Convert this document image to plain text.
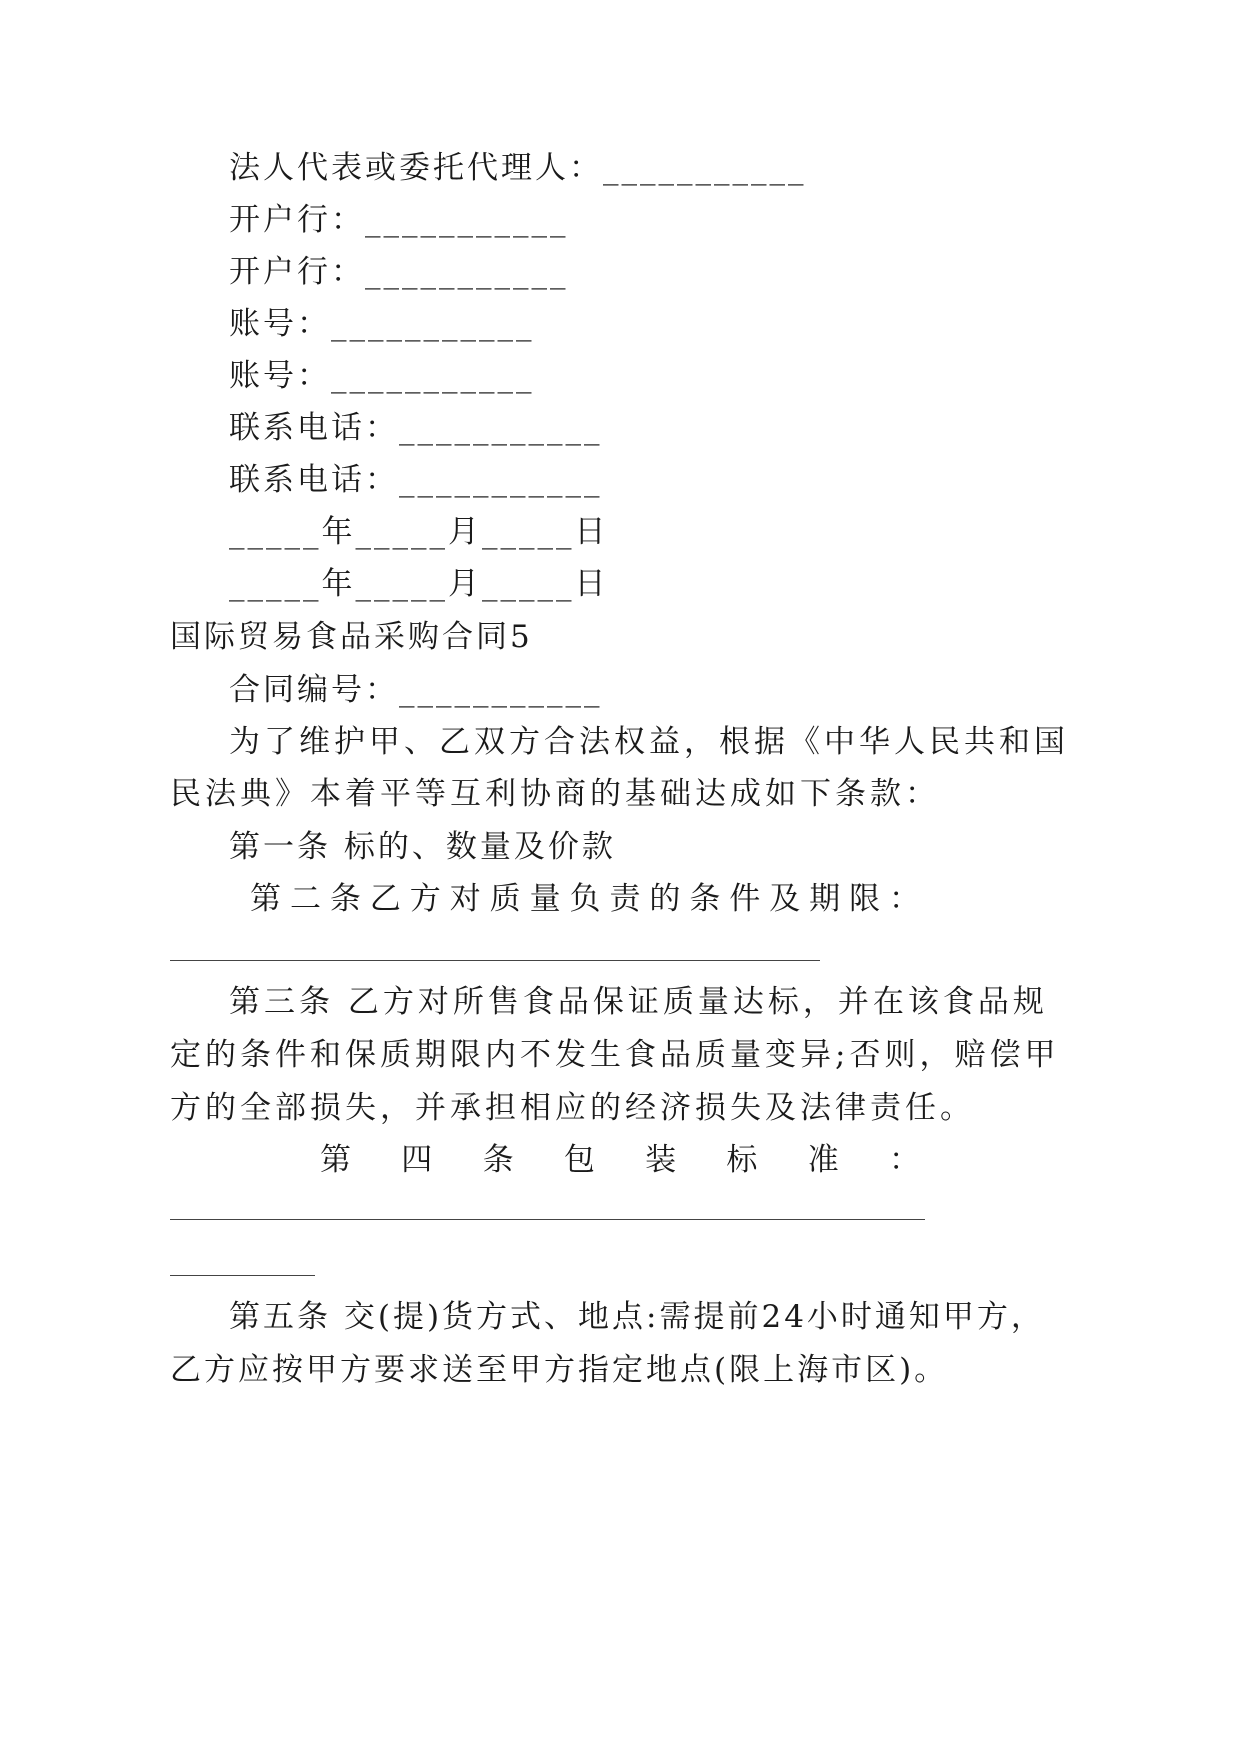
法人代表或委托代理人：___________
开户行：___________
开户行：___________
账号：___________
账号：___________
联系电话：___________
联系电话：___________
_____年_____月_____日
_____年_____月_____日
国际贸易食品采购合同5
合同编号：___________
为了维护甲、乙双方合法权益，根据《中华人民共和国
民法典》本着平等互利协商的基础达成如下条款：
第一条 标的、数量及价款
第 二 条 乙 方 对 质 量 负 责 的 条 件 及 期 限 ：
第三条 乙方对所售食品保证质量达标，并在该食品规
定的条件和保质期限内不发生食品质量变异;否则，赔偿甲
方的全部损失，并承担相应的经济损失及法律责任。
第 四 条 包 装 标 准 ：
第五条 交(提)货方式、地点:需提前24小时通知甲方，
乙方应按甲方要求送至甲方指定地点(限上海市区)。
